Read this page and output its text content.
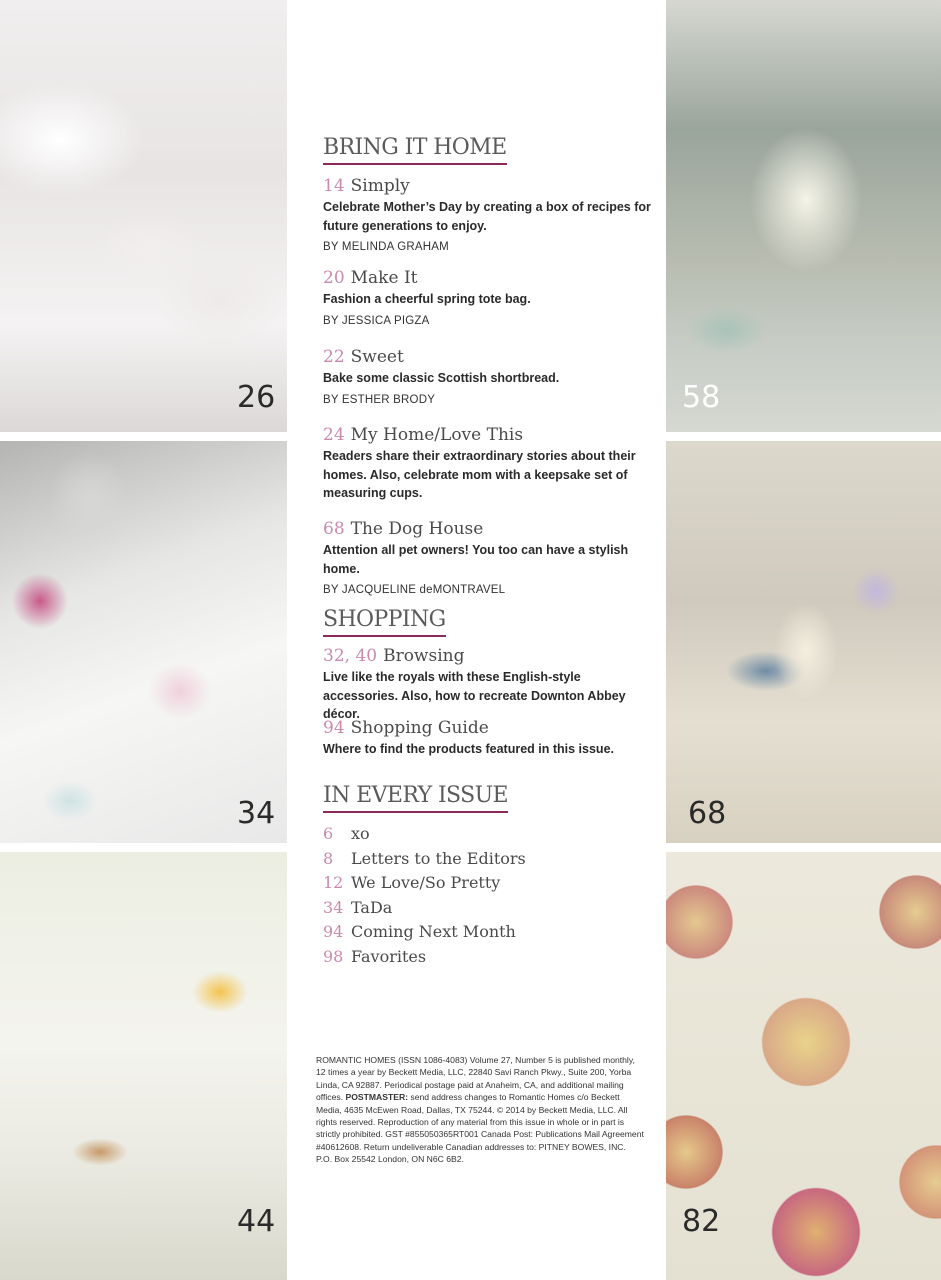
26
34
44
58
68
82
BRING IT HOME
14 Simply
Celebrate Mother’s Day by creating a box of recipes for future generations to enjoy.
BY MELINDA GRAHAM
20 Make It
Fashion a cheerful spring tote bag.
BY JESSICA PIGZA
22 Sweet
Bake some classic Scottish shortbread.
BY ESTHER BRODY
24 My Home/Love This
Readers share their extraordinary stories about their homes. Also, celebrate mom with a keepsake set of measuring cups.
68 The Dog House
Attention all pet owners! You too can have a stylish home.
BY JACQUELINE deMONTRAVEL
SHOPPING
32, 40 Browsing
Live like the royals with these English-style accessories. Also, how to recreate Downton Abbey décor.
94 Shopping Guide
Where to find the products featured in this issue.
IN EVERY ISSUE
6 xo
8 Letters to the Editors
12 We Love/So Pretty
34 TaDa
94 Coming Next Month
98 Favorites
ROMANTIC HOMES (ISSN 1086-4083) Volume 27, Number 5 is published monthly, 12 times a year by Beckett Media, LLC, 22840 Savi Ranch Pkwy., Suite 200, Yorba Linda, CA 92887. Periodical postage paid at Anaheim, CA, and additional mailing offices. POSTMASTER: send address changes to Romantic Homes c/o Beckett Media, 4635 McEwen Road, Dallas, TX 75244. © 2014 by Beckett Media, LLC. All rights reserved. Reproduction of any material from this issue in whole or in part is strictly prohibited. GST #855050365RT001 Canada Post: Publications Mail Agreement #40612608. Return undeliverable Canadian addresses to: PITNEY BOWES, INC. P.O. Box 25542 London, ON N6C 6B2.
